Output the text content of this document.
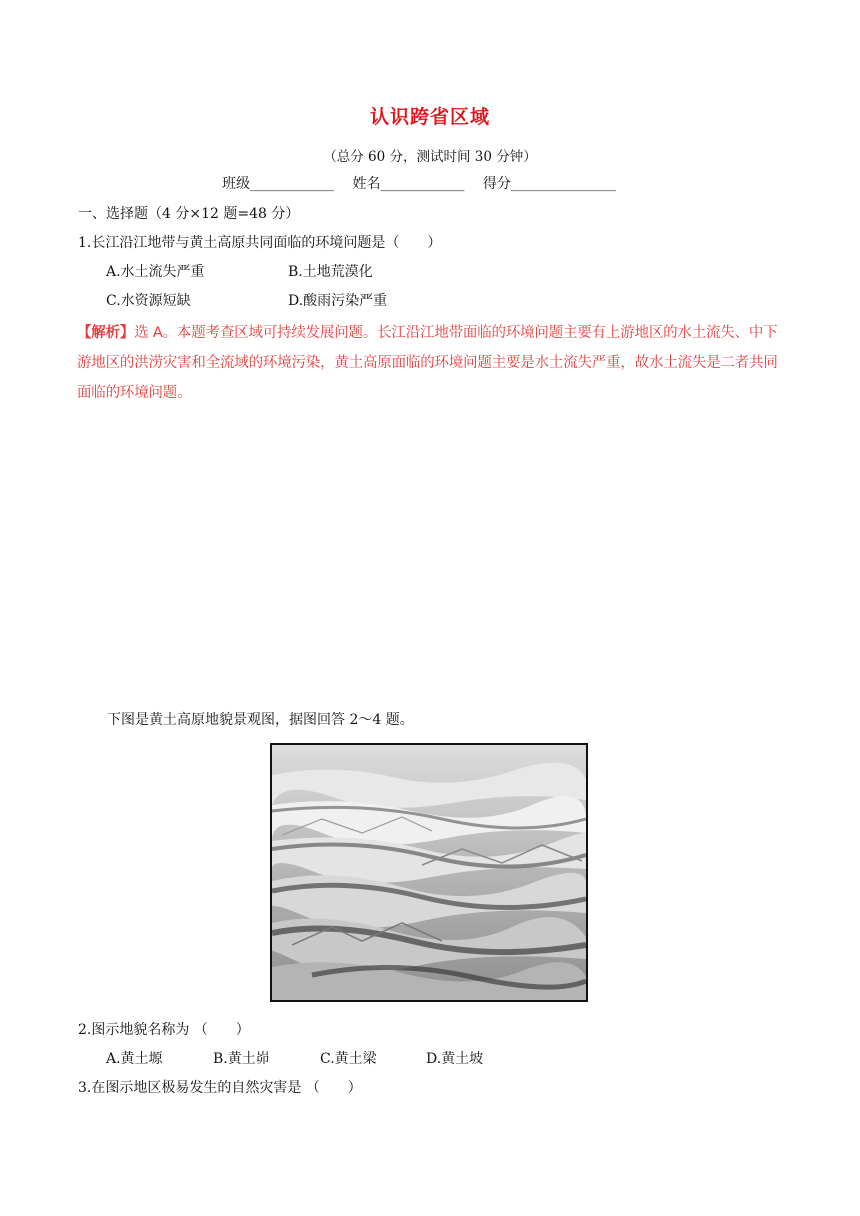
认识跨省区域
（总分 60 分，测试时间 30 分钟）
班级____________ 姓名____________ 得分_______________
一、选择题（4 分×12 题=48 分）
1.长江沿江地带与黄土高原共同面临的环境问题是（　　）
A.水土流失严重	B.土地荒漠化
C.水资源短缺	D.酸雨污染严重
【解析】选 A。本题考查区域可持续发展问题。长江沿江地带面临的环境问题主要有上游地区的水土流失、中下游地区的洪涝灾害和全流域的环境污染，黄土高原面临的环境问题主要是水土流失严重，故水土流失是二者共同面临的环境问题。
下图是黄土高原地貌景观图，据图回答 2～4 题。
2.图示地貌名称为 （　　）
A.黄土塬	B.黄土峁	C.黄土梁	D.黄土坡
3.在图示地区极易发生的自然灾害是 （　　）
